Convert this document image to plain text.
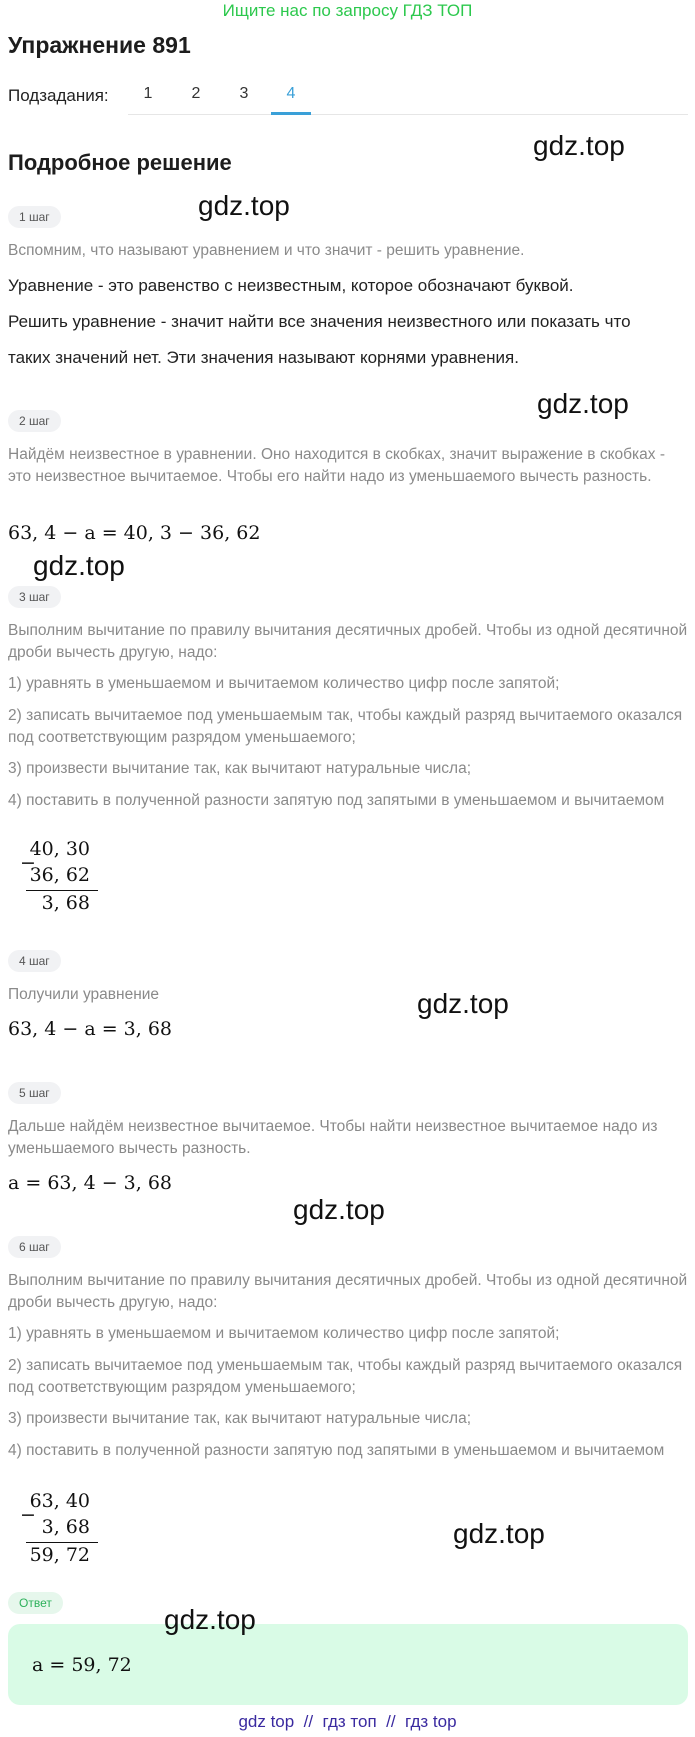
Ищите нас по запросу ГДЗ ТОП
Упражнение 891
Подзадания:	1	2	3	4
Подробное решение
1 шаг
Вспомним, что называют уравнением и что значит - решить уравнение.
Уравнение - это равенство с неизвестным, которое обозначают буквой.
Решить уравнение - значит найти все значения неизвестного или показать что
таких значений нет. Эти значения называют корнями уравнения.
2 шаг
Найдём неизвестное в уравнении. Оно находится в скобках, значит выражение в скобках - это неизвестное вычитаемое. Чтобы его найти надо из уменьшаемого вычесть разность.
63, 4 − a = 40, 3 − 36, 62
3 шаг
Выполним вычитание по правилу вычитания десятичных дробей. Чтобы из одной десятичной дроби вычесть другую, надо:
1) уравнять в уменьшаемом и вычитаемом количество цифр после запятой;
2) записать вычитаемое под уменьшаемым так, чтобы каждый разряд вычитаемого оказался под соответствующим разрядом уменьшаемого;
3) произвести вычитание так, как вычитают натуральные числа;
4) поставить в полученной разности запятую под запятыми в уменьшаемом и вычитаемом
−
40, 30
36, 62
3, 68
4 шаг
Получили уравнение
63, 4 − a = 3, 68
5 шаг
Дальше найдём неизвестное вычитаемое. Чтобы найти неизвестное вычитаемое надо из уменьшаемого вычесть разность.
a = 63, 4 − 3, 68
6 шаг
Выполним вычитание по правилу вычитания десятичных дробей. Чтобы из одной десятичной дроби вычесть другую, надо:
1) уравнять в уменьшаемом и вычитаемом количество цифр после запятой;
2) записать вычитаемое под уменьшаемым так, чтобы каждый разряд вычитаемого оказался под соответствующим разрядом уменьшаемого;
3) произвести вычитание так, как вычитают натуральные числа;
4) поставить в полученной разности запятую под запятыми в уменьшаемом и вычитаемом
−
63, 40
3, 68
59, 72
Ответ
a = 59, 72
gdz.top
gdz.top
gdz.top
gdz.top
gdz.top
gdz.top
gdz.top
gdz.top
gdz top  //  гдз топ  //  гдз top
